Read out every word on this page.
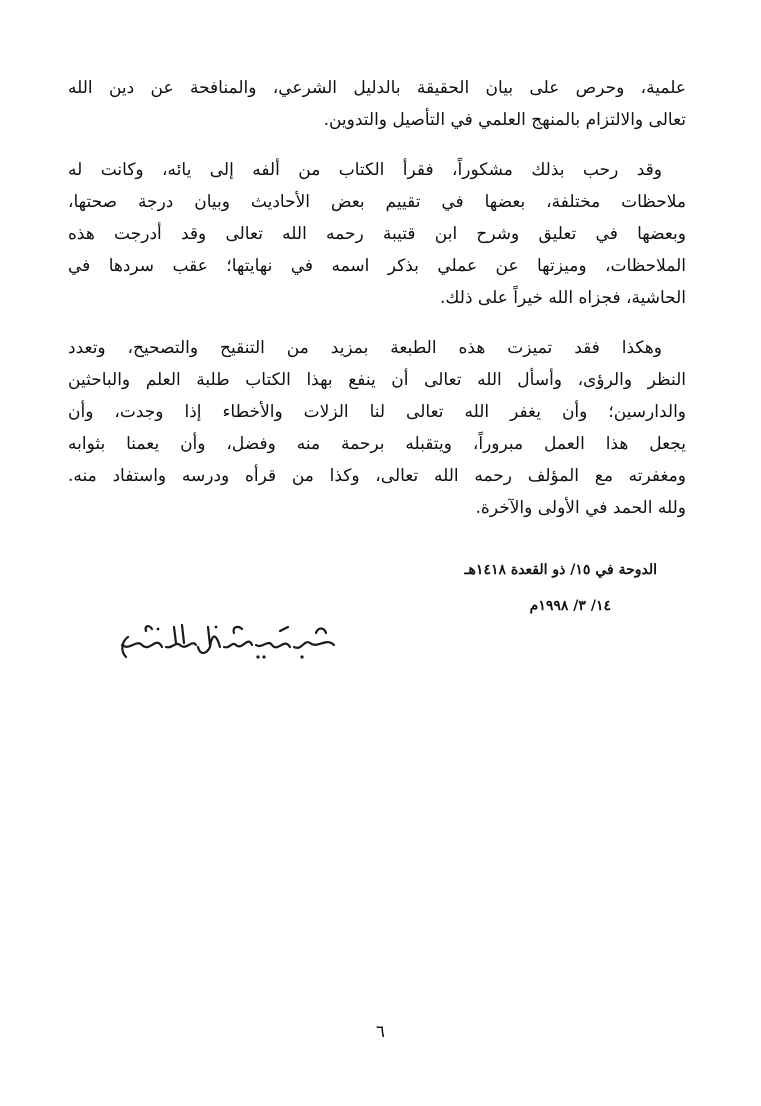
علمية، وحرص على بيان الحقيقة بالدليل الشرعي، والمنافحة عن دين الله
تعالى والالتزام بالمنهج العلمي في التأصيل والتدوين.
وقد رحب بذلك مشكوراً، فقرأ الكتاب من ألفه إلى يائه، وكانت له
ملاحظات مختلفة، بعضها في تقييم بعض الأحاديث وبيان درجة صحتها،
وبعضها في تعليق وشرح ابن قتيبة رحمه الله تعالى وقد أدرجت هذه
الملاحظات، وميزتها عن عملي بذكر اسمه في نهايتها؛ عقب سردها في
الحاشية، فجزاه الله خيراً على ذلك.
وهكذا فقد تميزت هذه الطبعة بمزيد من التنقيح والتصحيح، وتعدد
النظر والرؤى، وأسأل الله تعالى أن ينفع بهذا الكتاب طلبة العلم والباحثين
والدارسين؛ وأن يغفر الله تعالى لنا الزلات والأخطاء إذا وجدت، وأن
يجعل هذا العمل مبروراً، ويتقبله برحمة منه وفضل، وأن يعمنا بثوابه
ومغفرته مع المؤلف رحمه الله تعالى، وكذا من قرأه ودرسه واستفاد منه.
ولله الحمد في الأولى والآخرة.
الدوحة في ١٥/ ذو القعدة ١٤١٨هـ
١٤/ ٣/ ١٩٩٨م
٦
